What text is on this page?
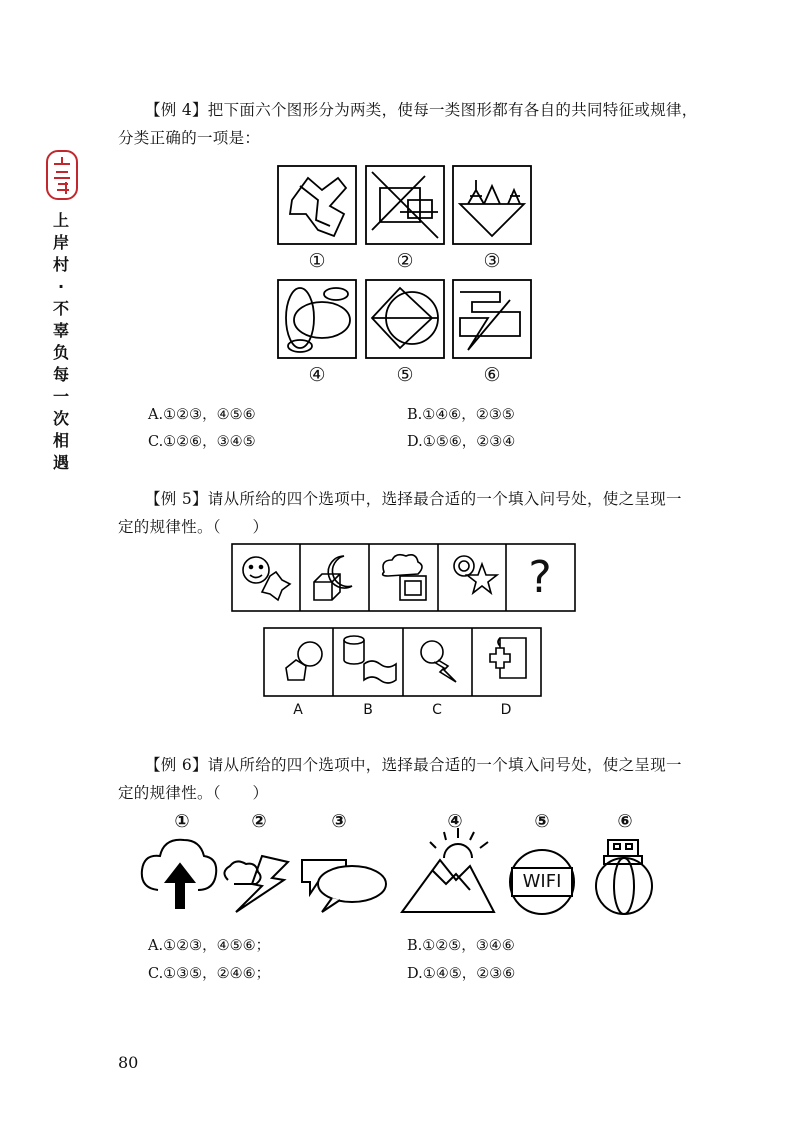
上
岸
村
·
不
辜
负
每
一
次
相
遇
【例 4】把下面六个图形分为两类，使每一类图形都有各自的共同特征或规律，
分类正确的一项是：
①	②	③
④	⑤	⑥
A.①②③，④⑤⑥	B.①④⑥，②③⑤
C.①②⑥，③④⑤	D.①⑤⑥，②③④
【例 5】请从所给的四个选项中，选择最合适的一个填入问号处，使之呈现一
定的规律性。（　　）
?
A	B	C	D
【例 6】请从所给的四个选项中，选择最合适的一个填入问号处，使之呈现一
定的规律性。（　　）
①	②	③	④	⑤	⑥
WIFI
A.①②③，④⑤⑥；	B.①②⑤，③④⑥
C.①③⑤，②④⑥；	D.①④⑤，②③⑥
80
